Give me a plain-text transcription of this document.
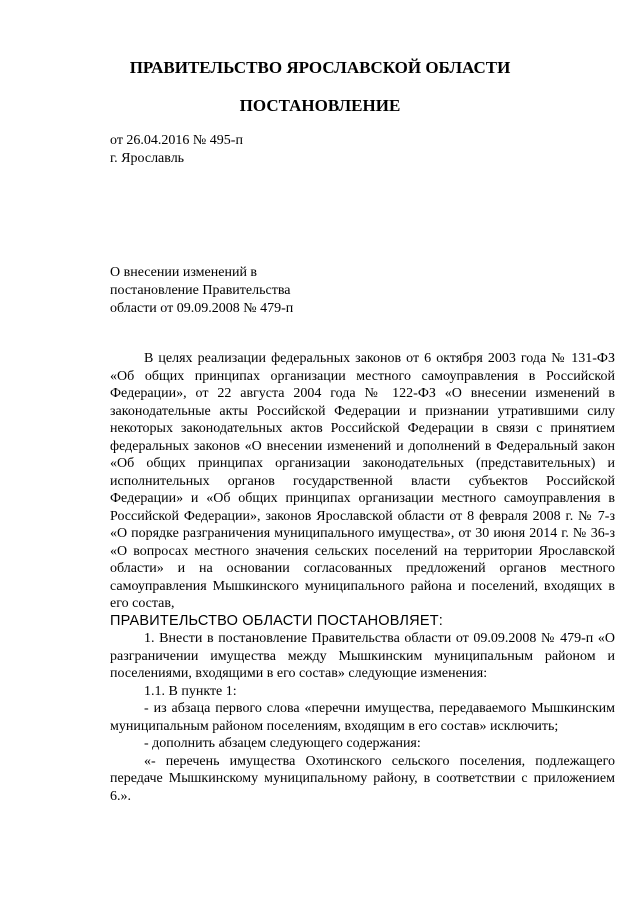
ПРАВИТЕЛЬСТВО ЯРОСЛАВСКОЙ ОБЛАСТИ
ПОСТАНОВЛЕНИЕ
от 26.04.2016 № 495-п
г. Ярославль
О внесении изменений в
постановление Правительства
области от 09.09.2008 № 479-п

В целях реализации федеральных законов от 6 октября 2003 года № 131-ФЗ «Об общих принципах организации местного самоуправления в Российской Федерации», от 22 августа 2004 года № 122-ФЗ «О внесении изменений в законодательные акты Российской Федерации и признании утратившими силу некоторых законодательных актов Российской Федерации в связи с принятием федеральных законов «О внесении изменений и дополнений в Федеральный закон «Об общих принципах организации законодательных (представительных) и исполнительных органов государственной власти субъектов Российской Федерации» и «Об общих принципах организации местного самоуправления в Российской Федерации», законов Ярославской области от 8 февраля 2008 г. № 7-з «О порядке разграничения муниципального имущества», от 30 июня 2014 г. № 36-з «О вопросах местного значения сельских поселений на территории Ярославской области» и на основании согласованных предложений органов местного самоуправления Мышкинского муниципального района и поселений, входящих в его состав,

ПРАВИТЕЛЬСТВО ОБЛАСТИ ПОСТАНОВЛЯЕТ:

1. Внести в постановление Правительства области от 09.09.2008 № 479-п «О разграничении имущества между Мышкинским муниципальным районом и поселениями, входящими в его состав» следующие изменения:

1.1. В пункте 1:

- из абзаца первого слова «перечни имущества, передаваемого Мышкинским муниципальным районом поселениям, входящим в его состав» исключить;

- дополнить абзацем следующего содержания:

«- перечень имущества Охотинского сельского поселения, подлежащего передаче Мышкинскому муниципальному району, в соответствии с приложением 6.».
